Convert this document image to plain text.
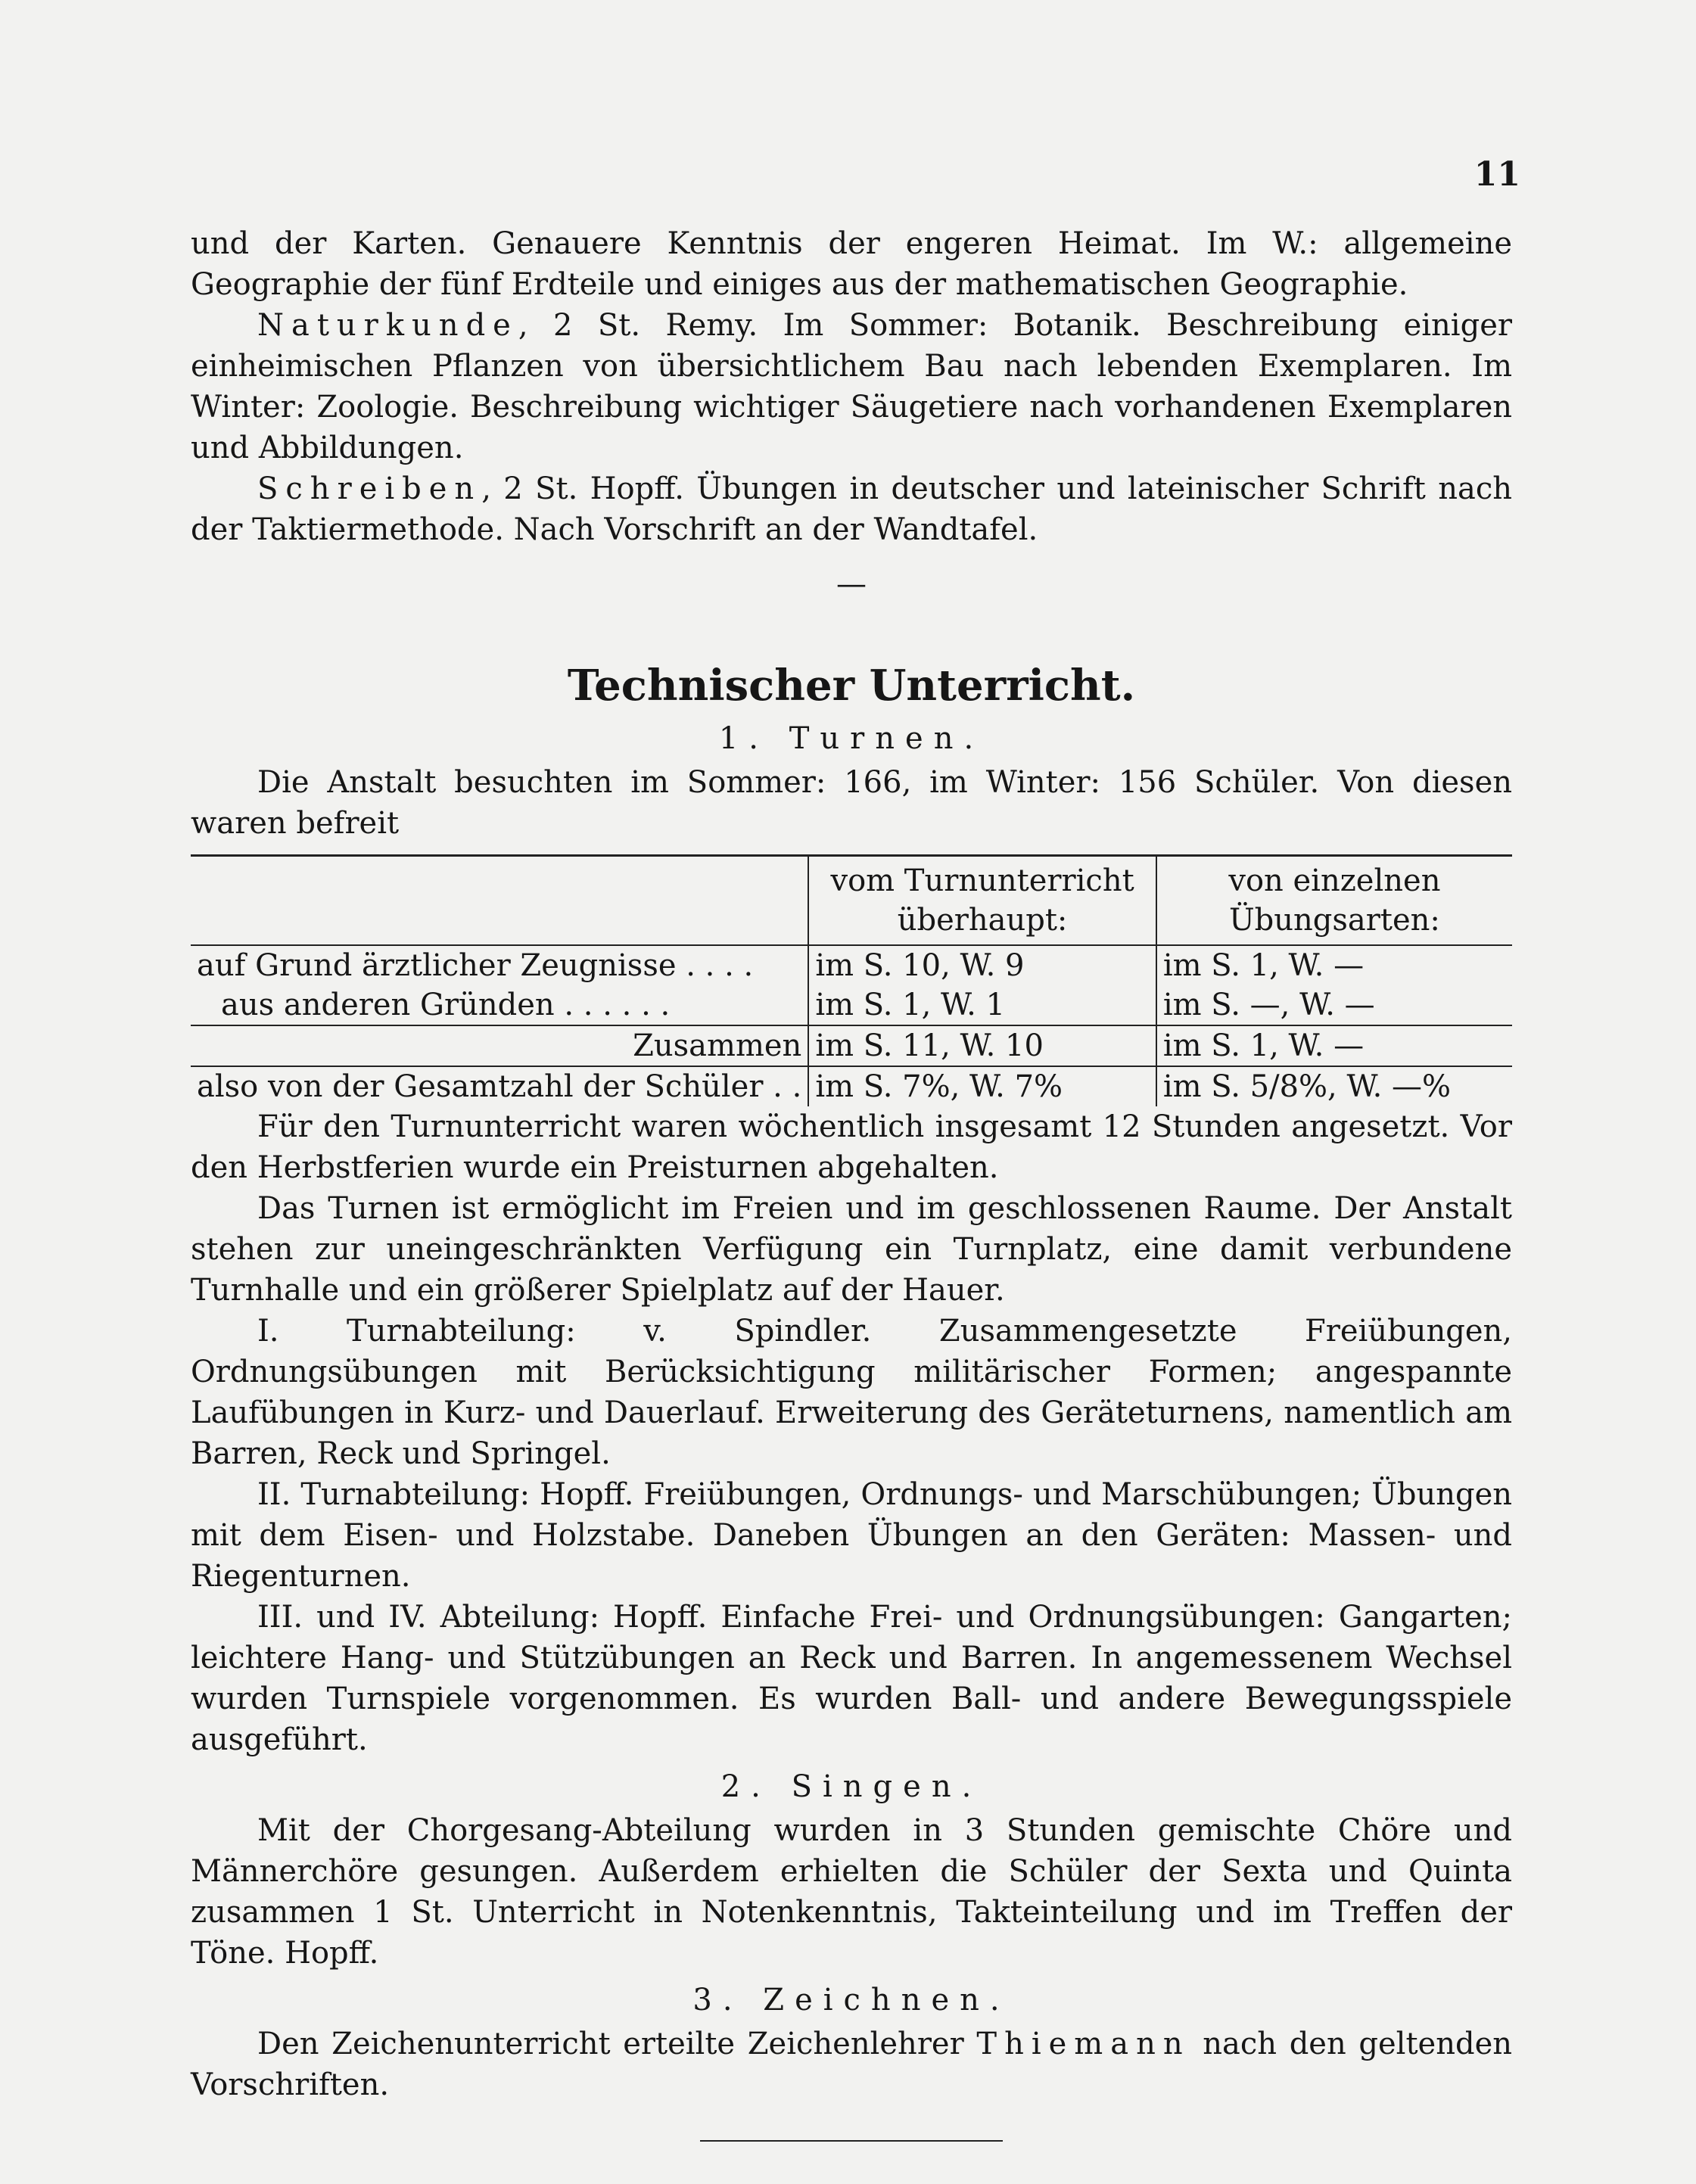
11

und der Karten. Genauere Kenntnis der engeren Heimat. Im W.: allgemeine Geographie der fünf Erdteile und einiges aus der mathematischen Geographie.

Naturkunde, 2 St. Remy. Im Sommer: Botanik. Beschreibung einiger einheimischen Pflanzen von übersichtlichem Bau nach lebenden Exemplaren. Im Winter: Zoologie. Beschreibung wichtiger Säugetiere nach vorhandenen Exemplaren und Abbildungen.

Schreiben, 2 St. Hopff. Übungen in deutscher und lateinischer Schrift nach der Taktiermethode. Nach Vorschrift an der Wandtafel.

—
Technischer Unterricht.
1. Turnen.

Die Anstalt besuchten im Sommer: 166, im Winter: 156 Schüler. Von diesen waren befreit

	vom Turnunterricht überhaupt:	von einzelnen Übungsarten:
auf Grund ärztlicher Zeugnisse . . . .	im S. 10, W. 9	im S. 1, W. —
aus anderen Gründen . . . . . .	im S. 1, W. 1	im S. —, W. —
Zusammen	im S. 11, W. 10	im S. 1, W. —
also von der Gesamtzahl der Schüler . .	im S. 7%, W. 7%	im S. 5/8%, W. —%

Für den Turnunterricht waren wöchentlich insgesamt 12 Stunden angesetzt. Vor den Herbstferien wurde ein Preisturnen abgehalten.

Das Turnen ist ermöglicht im Freien und im geschlossenen Raume. Der Anstalt stehen zur uneingeschränkten Verfügung ein Turnplatz, eine damit verbundene Turnhalle und ein größerer Spielplatz auf der Hauer.

I. Turnabteilung: v. Spindler. Zusammengesetzte Freiübungen, Ordnungsübungen mit Berücksichtigung militärischer Formen; angespannte Laufübungen in Kurz- und Dauerlauf. Erweiterung des Geräteturnens, namentlich am Barren, Reck und Springel.

II. Turnabteilung: Hopff. Freiübungen, Ordnungs- und Marschübungen; Übungen mit dem Eisen- und Holzstabe. Daneben Übungen an den Geräten: Massen- und Riegenturnen.

III. und IV. Abteilung: Hopff. Einfache Frei- und Ordnungsübungen: Gangarten; leichtere Hang- und Stützübungen an Reck und Barren. In angemessenem Wechsel wurden Turnspiele vorgenommen. Es wurden Ball- und andere Bewegungsspiele ausgeführt.

2. Singen.

Mit der Chorgesang-Abteilung wurden in 3 Stunden gemischte Chöre und Männerchöre gesungen. Außerdem erhielten die Schüler der Sexta und Quinta zusammen 1 St. Unterricht in Notenkenntnis, Takteinteilung und im Treffen der Töne. Hopff.

3. Zeichnen.

Den Zeichenunterricht erteilte Zeichenlehrer Thiemann nach den geltenden Vorschriften.
